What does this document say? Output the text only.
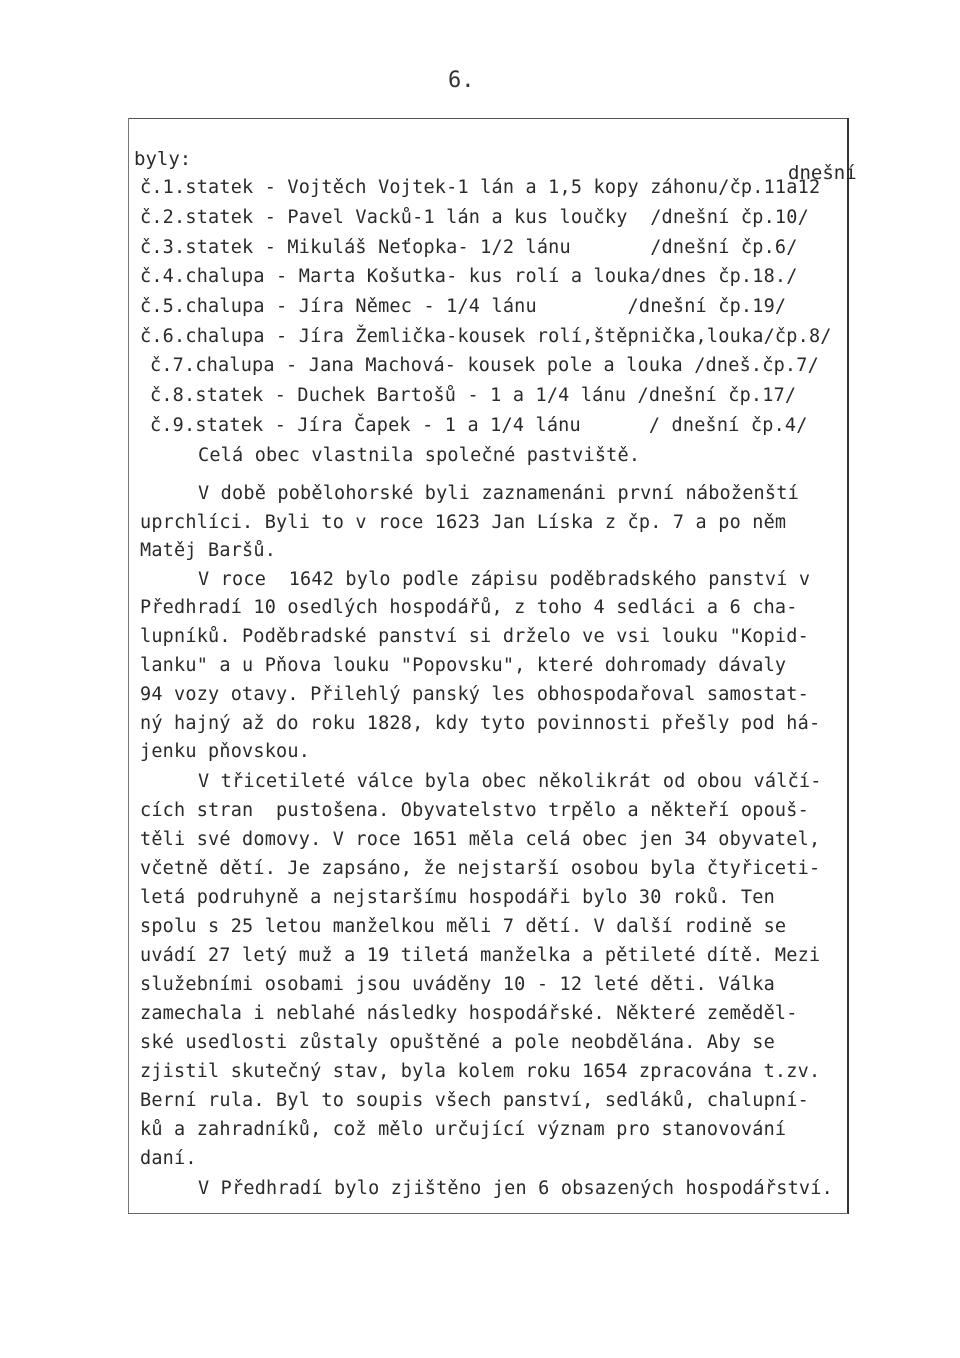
6.
byly:
dnešní
č.1.statek - Vojtěch Vojtek-1 lán a 1,5 kopy záhonu/čp.11a12
č.2.statek - Pavel Vacků-1 lán a kus loučky  /dnešní čp.10/
č.3.statek - Mikuláš Neťopka- 1/2 lánu       /dnešní čp.6/
č.4.chalupa - Marta Košutka- kus rolí a louka/dnes čp.18./
č.5.chalupa - Jíra Němec - 1/4 lánu        /dnešní čp.19/
č.6.chalupa - Jíra Žemlička-kousek rolí,štěpnička,louka/čp.8/
č.7.chalupa - Jana Machová- kousek pole a louka /dneš.čp.7/
č.8.statek - Duchek Bartošů - 1 a 1/4 lánu /dnešní čp.17/
č.9.statek - Jíra Čapek - 1 a 1/4 lánu      / dnešní čp.4/
Celá obec vlastnila společné pastviště.
V době pobělohorské byli zaznamenáni první náboženští
uprchlíci. Byli to v roce 1623 Jan Líska z čp. 7 a po něm
Matěj Baršů.
V roce  1642 bylo podle zápisu poděbradského panství v
Předhradí 10 osedlých hospodářů, z toho 4 sedláci a 6 cha-
lupníků. Poděbradské panství si drželo ve vsi louku "Kopid-
lanku" a u Pňova louku "Popovsku", které dohromady dávaly
94 vozy otavy. Přilehlý panský les obhospodařoval samostat-
ný hajný až do roku 1828, kdy tyto povinnosti přešly pod há-
jenku pňovskou.
V třicetileté válce byla obec několikrát od obou válčí-
cích stran  pustošena. Obyvatelstvo trpělo a někteří opouš-
těli své domovy. V roce 1651 měla celá obec jen 34 obyvatel,
včetně dětí. Je zapsáno, že nejstarší osobou byla čtyřiceti-
letá podruhyně a nejstaršímu hospodáři bylo 30 roků. Ten
spolu s 25 letou manželkou měli 7 dětí. V další rodině se
uvádí 27 letý muž a 19 tiletá manželka a pětileté dítě. Mezi
služebními osobami jsou uváděny 10 - 12 leté děti. Válka
zamechala i neblahé následky hospodářské. Některé zeměděl-
ské usedlosti zůstaly opuštěné a pole neobdělána. Aby se
zjistil skutečný stav, byla kolem roku 1654 zpracována t.zv.
Berní rula. Byl to soupis všech panství, sedláků, chalupní-
ků a zahradníků, což mělo určující význam pro stanovování
daní.
V Předhradí bylo zjištěno jen 6 obsazených hospodářství.
